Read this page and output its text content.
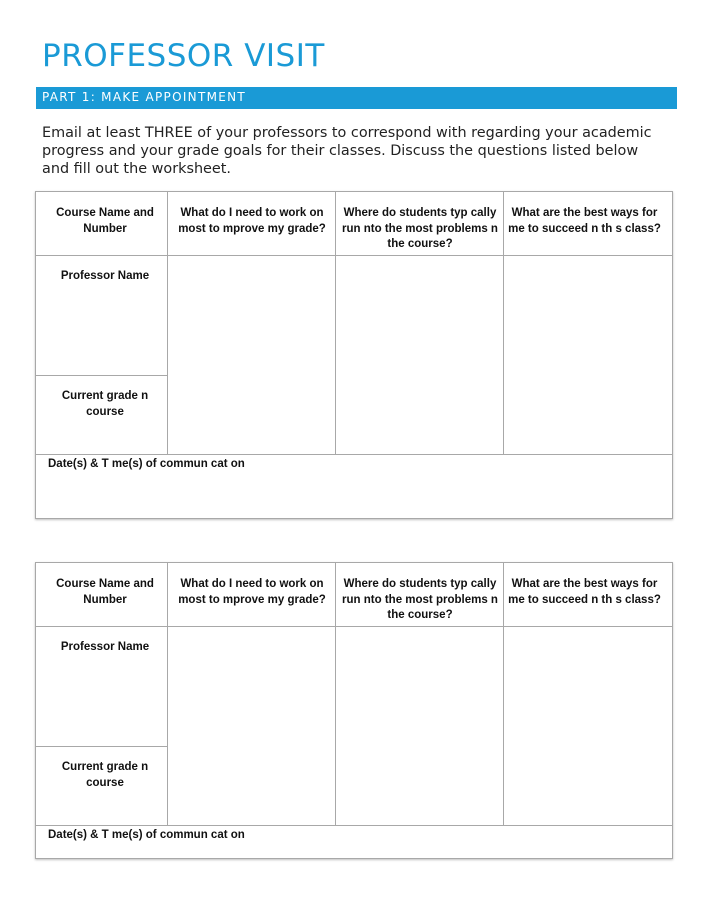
PROFESSOR VISIT
PART 1: MAKE APPOINTMENT

Email at least THREE of your professors to correspond with regarding your academic progress and your grade goals for their classes. Discuss the questions listed below and fill out the worksheet.

Course Name and Number
What do I need to work on most to mprove my grade?
Where do students typ cally run nto the most problems n the course?
What are the best ways for me to succeed n th s class?
Professor Name
Current grade n course
Date(s) & T me(s) of commun cat on
Course Name and Number
What do I need to work on most to mprove my grade?
Where do students typ cally run nto the most problems n the course?
What are the best ways for me to succeed n th s class?
Professor Name
Current grade n course
Date(s) & T me(s) of commun cat on
